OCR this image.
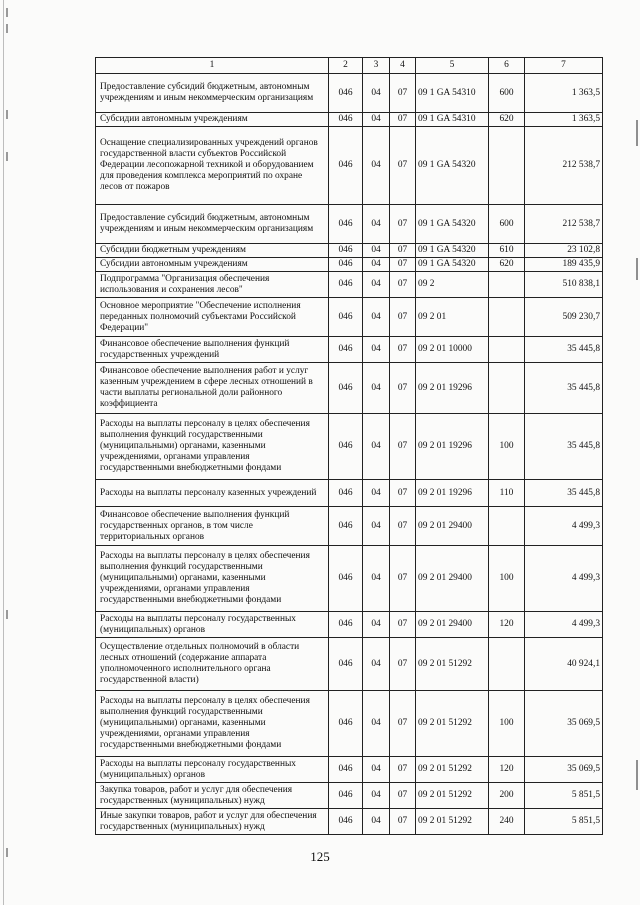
1	2	3	4	5	6	7
Предоставление субсидий бюджетным, автономным учреждениям и иным некоммерческим организациям	046	04	07	09 1 GA 54310	600	1 363,5
Субсидии автономным учреждениям	046	04	07	09 1 GA 54310	620	1 363,5
Оснащение специализированных учреждений органов государственной власти субъектов Российской Федерации лесопожарной техникой и оборудованием для проведения комплекса мероприятий по охране лесов от пожаров	046	04	07	09 1 GA 54320		212 538,7
Предоставление субсидий бюджетным, автономным учреждениям и иным некоммерческим организациям	046	04	07	09 1 GA 54320	600	212 538,7
Субсидии бюджетным учреждениям	046	04	07	09 1 GA 54320	610	23 102,8
Субсидии автономным учреждениям	046	04	07	09 1 GA 54320	620	189 435,9
Подпрограмма "Организация обеспечения использования и сохранения лесов"	046	04	07	09 2		510 838,1
Основное мероприятие "Обеспечение исполнения переданных полномочий субъектами Российской Федерации"	046	04	07	09 2 01		509 230,7
Финансовое обеспечение выполнения функций государственных учреждений	046	04	07	09 2 01 10000		35 445,8
Финансовое обеспечение выполнения работ и услуг казенным учреждением в сфере лесных отношений в части выплаты региональной доли районного коэффициента	046	04	07	09 2 01 19296		35 445,8
Расходы на выплаты персоналу в целях обеспечения выполнения функций государственными (муниципальными) органами, казенными учреждениями, органами управления государственными внебюджетными фондами	046	04	07	09 2 01 19296	100	35 445,8
Расходы на выплаты персоналу казенных учреждений	046	04	07	09 2 01 19296	110	35 445,8
Финансовое обеспечение выполнения функций государственных органов, в том числе территориальных органов	046	04	07	09 2 01 29400		4 499,3
Расходы на выплаты персоналу в целях обеспечения выполнения функций государственными (муниципальными) органами, казенными учреждениями, органами управления государственными внебюджетными фондами	046	04	07	09 2 01 29400	100	4 499,3
Расходы на выплаты персоналу государственных (муниципальных) органов	046	04	07	09 2 01 29400	120	4 499,3
Осуществление отдельных полномочий в области лесных отношений (содержание аппарата уполномоченного исполнительного органа государственной власти)	046	04	07	09 2 01 51292		40 924,1
Расходы на выплаты персоналу в целях обеспечения выполнения функций государственными (муниципальными) органами, казенными учреждениями, органами управления государственными внебюджетными фондами	046	04	07	09 2 01 51292	100	35 069,5
Расходы на выплаты персоналу государственных (муниципальных) органов	046	04	07	09 2 01 51292	120	35 069,5
Закупка товаров, работ и услуг для обеспечения государственных (муниципальных) нужд	046	04	07	09 2 01 51292	200	5 851,5
Иные закупки товаров, работ и услуг для обеспечения государственных (муниципальных) нужд	046	04	07	09 2 01 51292	240	5 851,5
125
